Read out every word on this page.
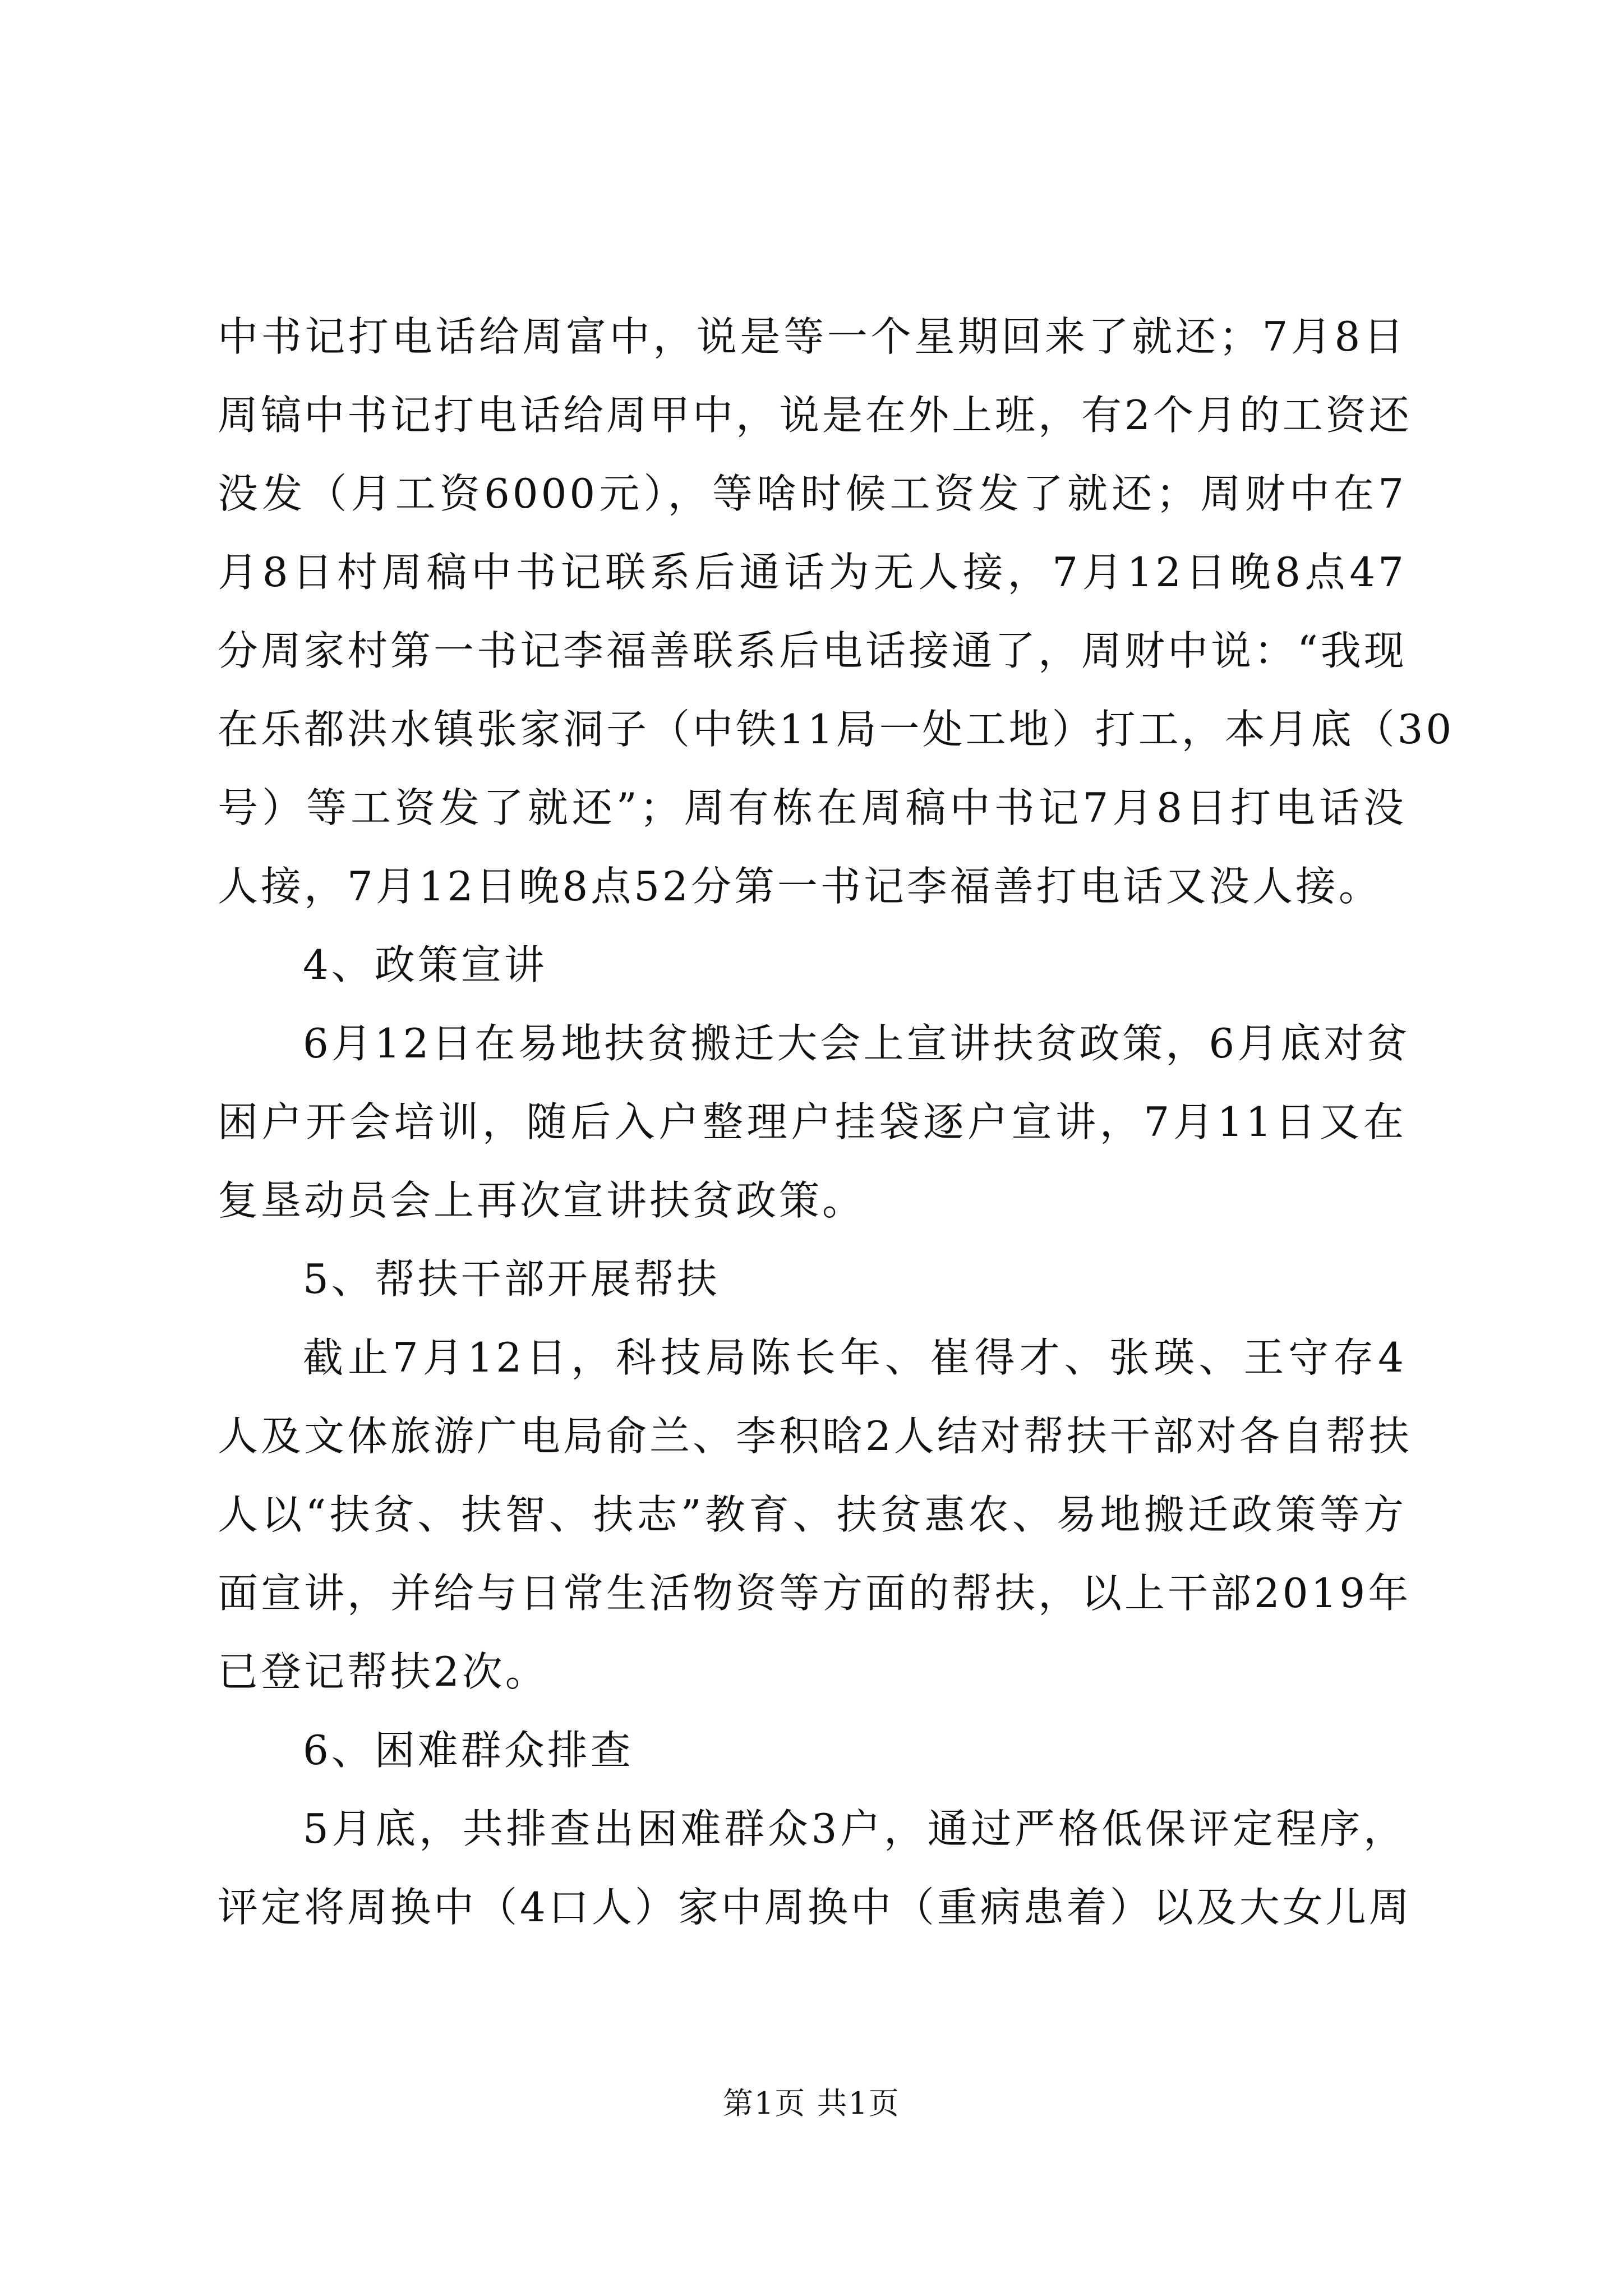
中书记打电话给周富中，说是等一个星期回来了就还；7月8日
周镐中书记打电话给周甲中，说是在外上班，有2个月的工资还
没发（月工资6000元），等啥时候工资发了就还；周财中在7
月8日村周稿中书记联系后通话为无人接，7月12日晚8点47
分周家村第一书记李福善联系后电话接通了，周财中说：“我现
在乐都洪水镇张家洞子（中铁11局一处工地）打工，本月底（30
号）等工资发了就还”；周有栋在周稿中书记7月8日打电话没
人接，7月12日晚8点52分第一书记李福善打电话又没人接。
4、政策宣讲
6月12日在易地扶贫搬迁大会上宣讲扶贫政策，6月底对贫
困户开会培训，随后入户整理户挂袋逐户宣讲，7月11日又在
复垦动员会上再次宣讲扶贫政策。
5、帮扶干部开展帮扶
截止7月12日，科技局陈长年、崔得才、张瑛、王守存4
人及文体旅游广电局俞兰、李积晗2人结对帮扶干部对各自帮扶
人以“扶贫、扶智、扶志”教育、扶贫惠农、易地搬迁政策等方
面宣讲，并给与日常生活物资等方面的帮扶，以上干部2019年
已登记帮扶2次。
6、困难群众排查
5月底，共排查出困难群众3户，通过严格低保评定程序，
评定将周换中（4口人）家中周换中（重病患着）以及大女儿周
第1页 共1页
